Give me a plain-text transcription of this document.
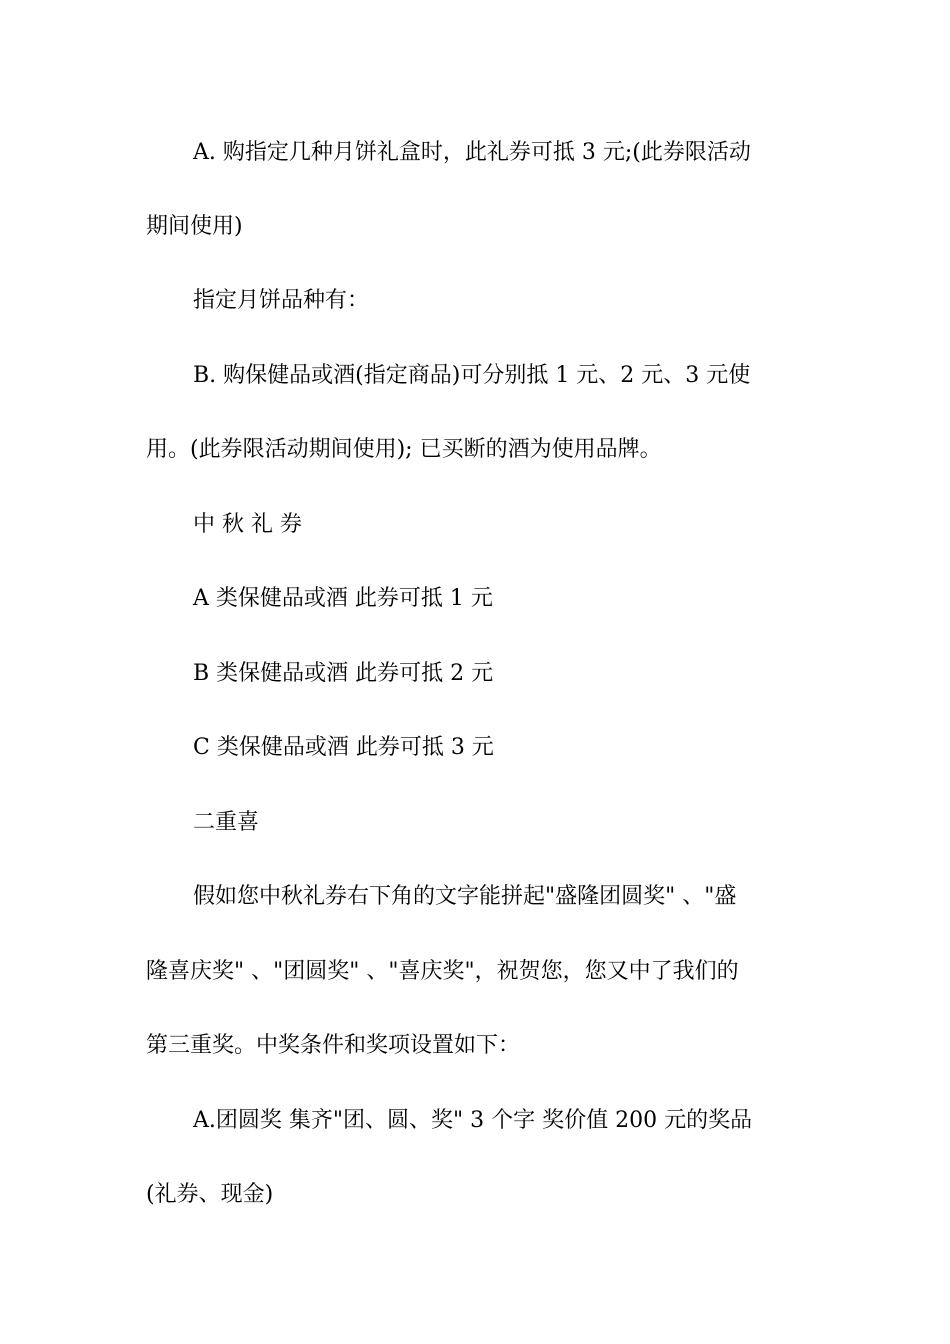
A. 购指定几种月饼礼盒时，此礼券可抵 3 元;(此券限活动

期间使用)

指定月饼品种有：

B. 购保健品或酒(指定商品)可分别抵 1 元、2 元、3 元使

用。(此券限活动期间使用); 已买断的酒为使用品牌。

中 秋 礼 券

A 类保健品或酒 此券可抵 1 元

B 类保健品或酒 此券可抵 2 元

C 类保健品或酒 此券可抵 3 元

二重喜

假如您中秋礼券右下角的文字能拼起"盛隆团圆奖" 、"盛

隆喜庆奖" 、"团圆奖" 、"喜庆奖"，祝贺您，您又中了我们的

第三重奖。中奖条件和奖项设置如下：

A.团圆奖 集齐"团、圆、奖" 3 个字 奖价值 200 元的奖品

(礼券、现金)
